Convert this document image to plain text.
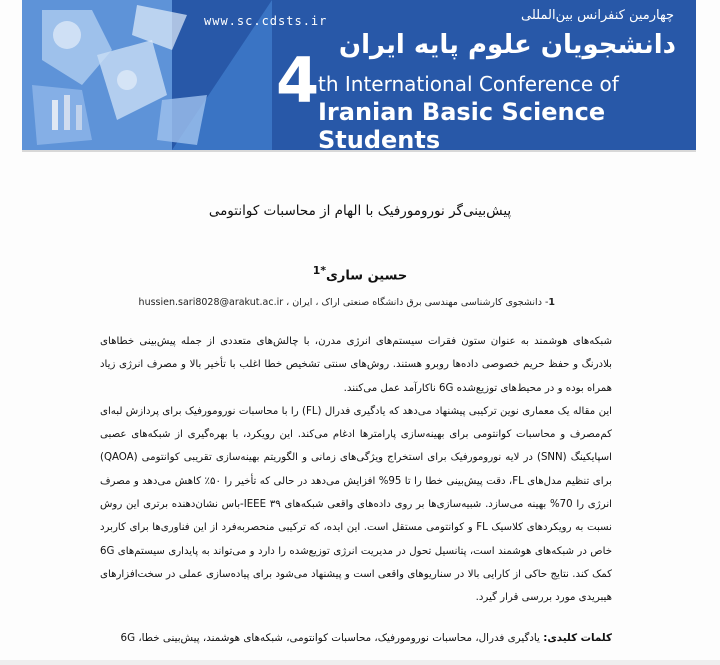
www.sc.cdsts.ir	چهارمین کنفرانس بین‌المللی
دانشجویان علوم پایه ایران
4
th International Conference of
Iranian Basic Science Students
پیش‌بینی‌گر نورومورفیک با الهام از محاسبات کوانتومی
حسین ساری$^{*1}$
1- دانشجوی کارشناسی مهندسی برق دانشگاه صنعتی اراک ، ایران ، hussien.sari8028@arakut.ac.ir

شبکه‌های هوشمند به عنوان ستون فقرات سیستم‌های انرژی مدرن، با چالش‌های متعددی از جمله پیش‌بینی خطاهای بلادرنگ و حفظ حریم خصوصی داده‌ها روبرو هستند. روش‌های سنتی تشخیص خطا اغلب با تأخیر بالا و مصرف انرژی زیاد همراه بوده و در محیط‌های توزیع‌شده 6G ناکارآمد عمل می‌کنند.

این مقاله یک معماری نوین ترکیبی پیشنهاد می‌دهد که یادگیری فدرال (FL) را با محاسبات نورومورفیک برای پردازش لبه‌ای کم‌مصرف و محاسبات کوانتومی برای بهینه‌سازی پارامترها ادغام می‌کند. این رویکرد، با بهره‌گیری از شبکه‌های عصبی اسپایکینگ (SNN) در لایه نورومورفیک برای استخراج ویژگی‌های زمانی و الگوریتم بهینه‌سازی تقریبی کوانتومی (QAOA) برای تنظیم مدل‌های FL، دقت پیش‌بینی خطا را تا 95% افزایش می‌دهد در حالی که تأخیر را ۵۰٪ کاهش می‌دهد و مصرف انرژی را 70% بهینه می‌سازد. شبیه‌سازی‌ها بر روی داده‌های واقعی شبکه‌های IEEE ۳۹-باس نشان‌دهنده برتری این روش نسبت به رویکردهای کلاسیک FL و کوانتومی مستقل است. این ایده، که ترکیبی منحصربه‌فرد از این فناوری‌ها برای کاربرد خاص در شبکه‌های هوشمند است، پتانسیل تحول در مدیریت انرژی توزیع‌شده را دارد و می‌تواند به پایداری سیستم‌های 6G کمک کند. نتایج حاکی از کارایی بالا در سناریوهای واقعی است و پیشنهاد می‌شود برای پیاده‌سازی عملی در سخت‌افزارهای هیبریدی مورد بررسی قرار گیرد.

کلمات کلیدی: یادگیری فدرال، محاسبات نورومورفیک، محاسبات کوانتومی، شبکه‌های هوشمند، پیش‌بینی خطا، 6G
